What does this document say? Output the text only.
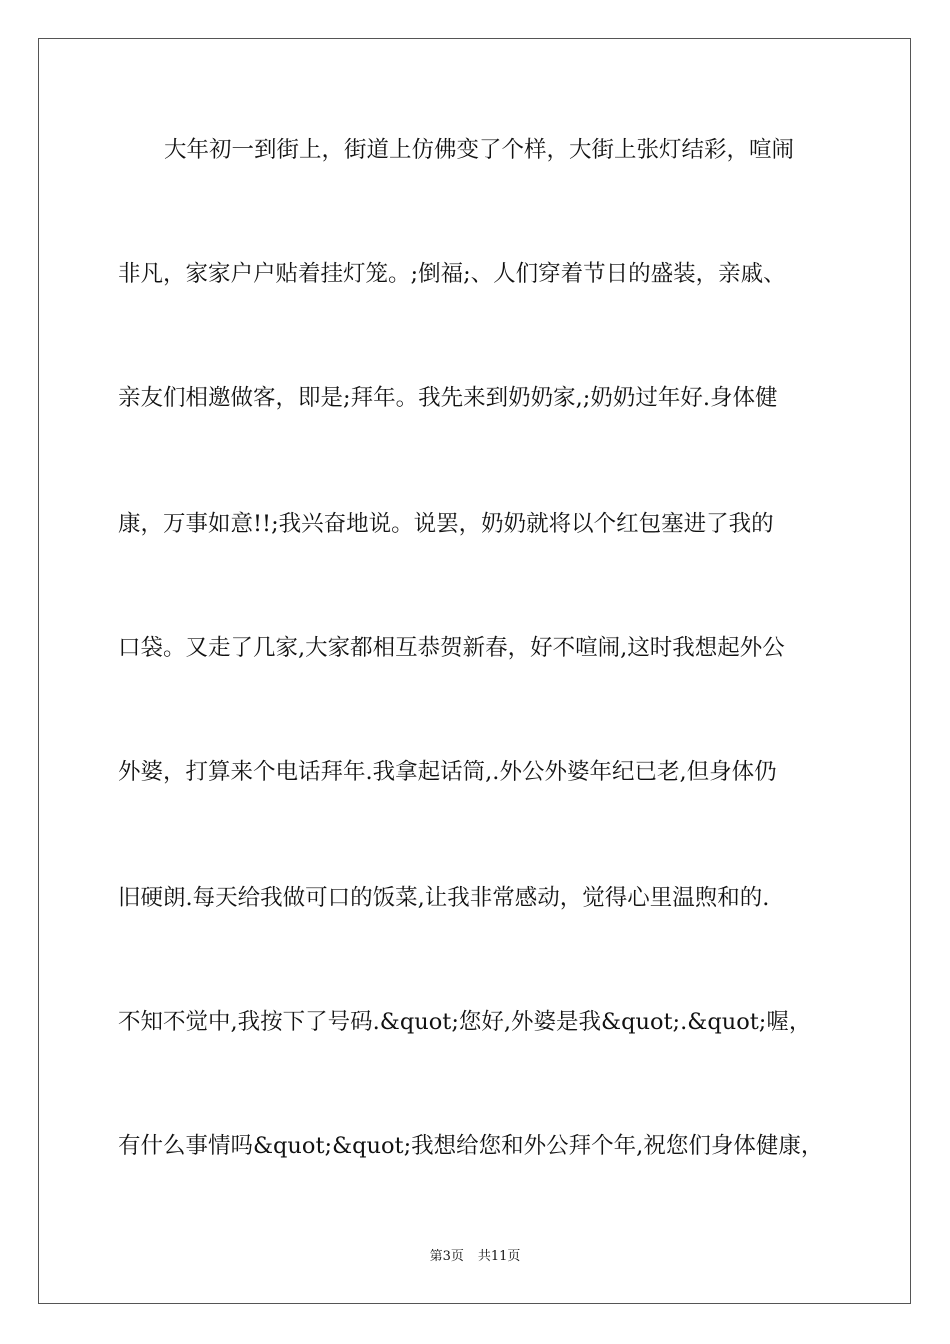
大年初一到街上，街道上仿佛变了个样，大街上张灯结彩，喧闹
非凡，家家户户贴着挂灯笼。;倒福;、人们穿着节日的盛装，亲戚、
亲友们相邀做客，即是;拜年。我先来到奶奶家,;奶奶过年好.身体健
康，万事如意!!;我兴奋地说。说罢，奶奶就将以个红包塞进了我的
口袋。又走了几家,大家都相互恭贺新春，好不喧闹,这时我想起外公
外婆，打算来个电话拜年.我拿起话筒,.外公外婆年纪已老,但身体仍
旧硬朗.每天给我做可口的饭菜,让我非常感动，觉得心里温煦和的.
不知不觉中,我按下了号码.&quot;您好,外婆是我&quot;.&quot;喔，
有什么事情吗&quot;&quot;我想给您和外公拜个年,祝您们身体健康，
第3页 共11页
